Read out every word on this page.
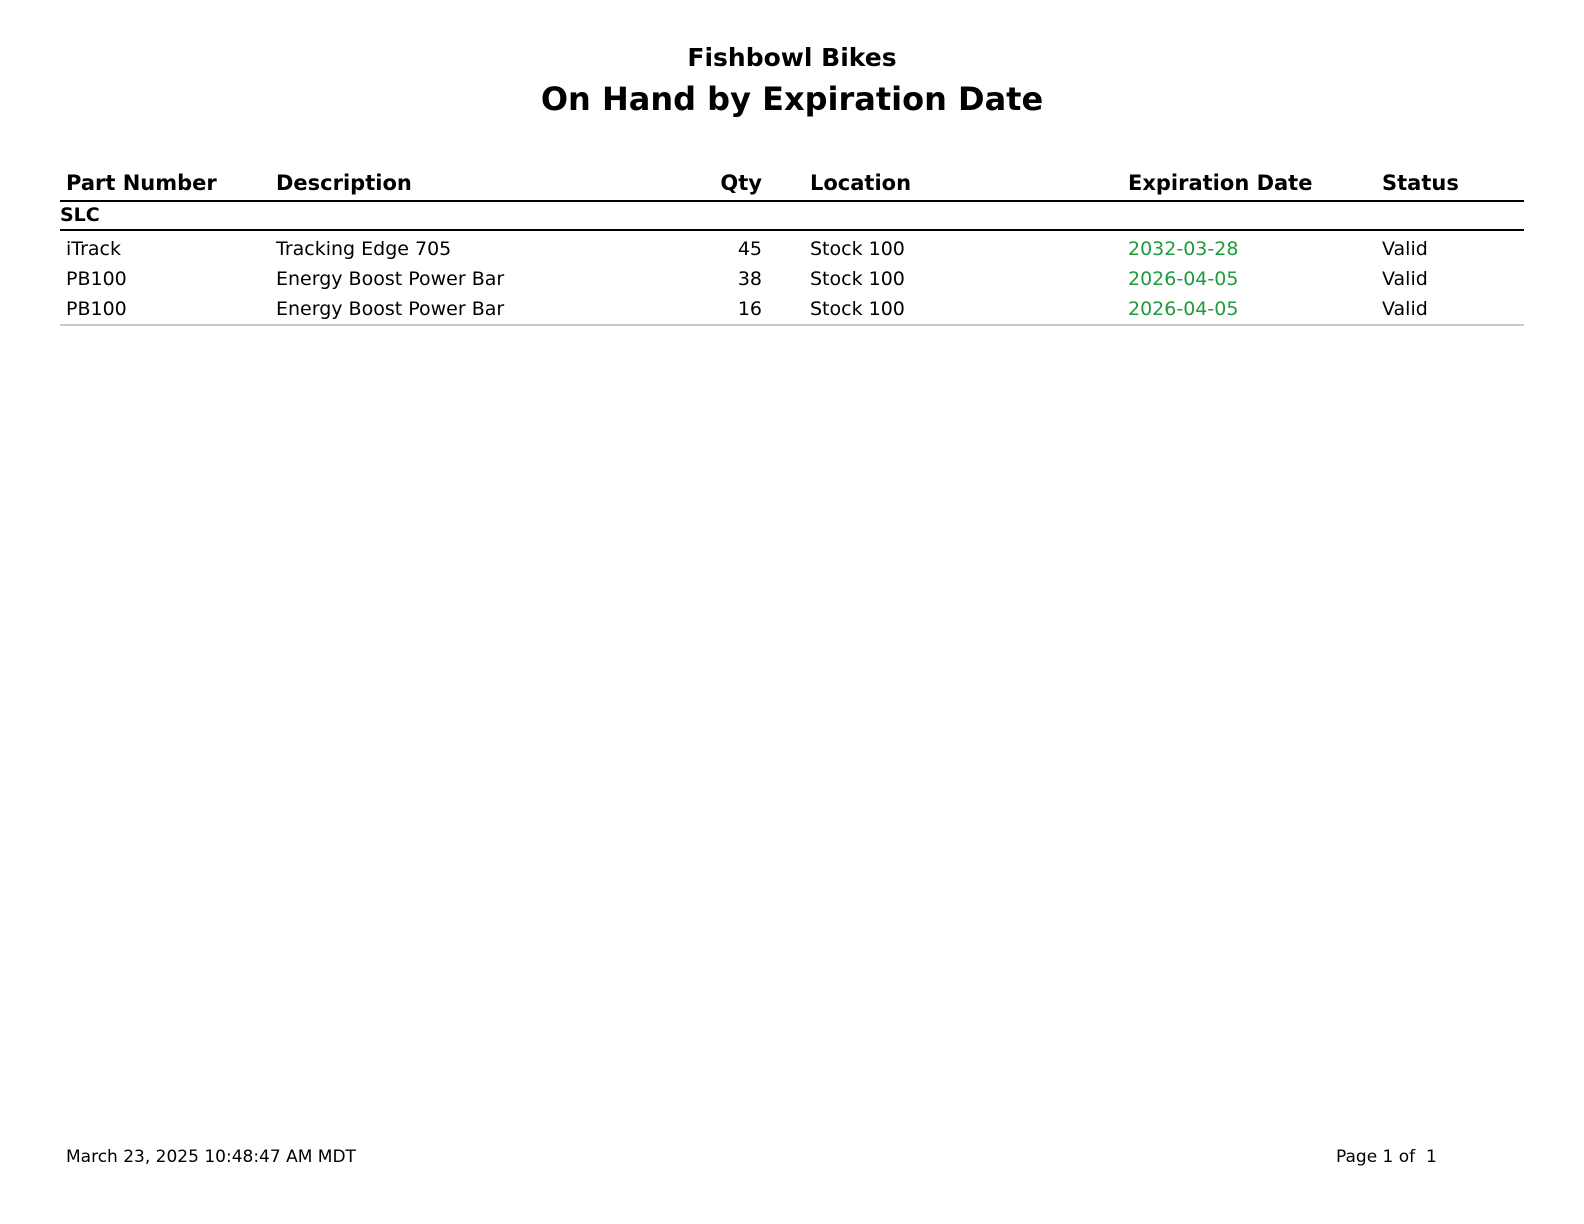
Fishbowl Bikes
On Hand by Expiration Date
Part Number	Description	Qty Location	Expiration Date	Status
SLC
iTrack	Tracking Edge 705	45	Stock 100	2032-03-28	Valid
PB100	Energy Boost Power Bar	38	Stock 100	2026-04-05	Valid
PB100	Energy Boost Power Bar	16	Stock 100	2026-04-05	Valid
March 23, 2025 10:48:47 AM MDT	Page 1 of  1
